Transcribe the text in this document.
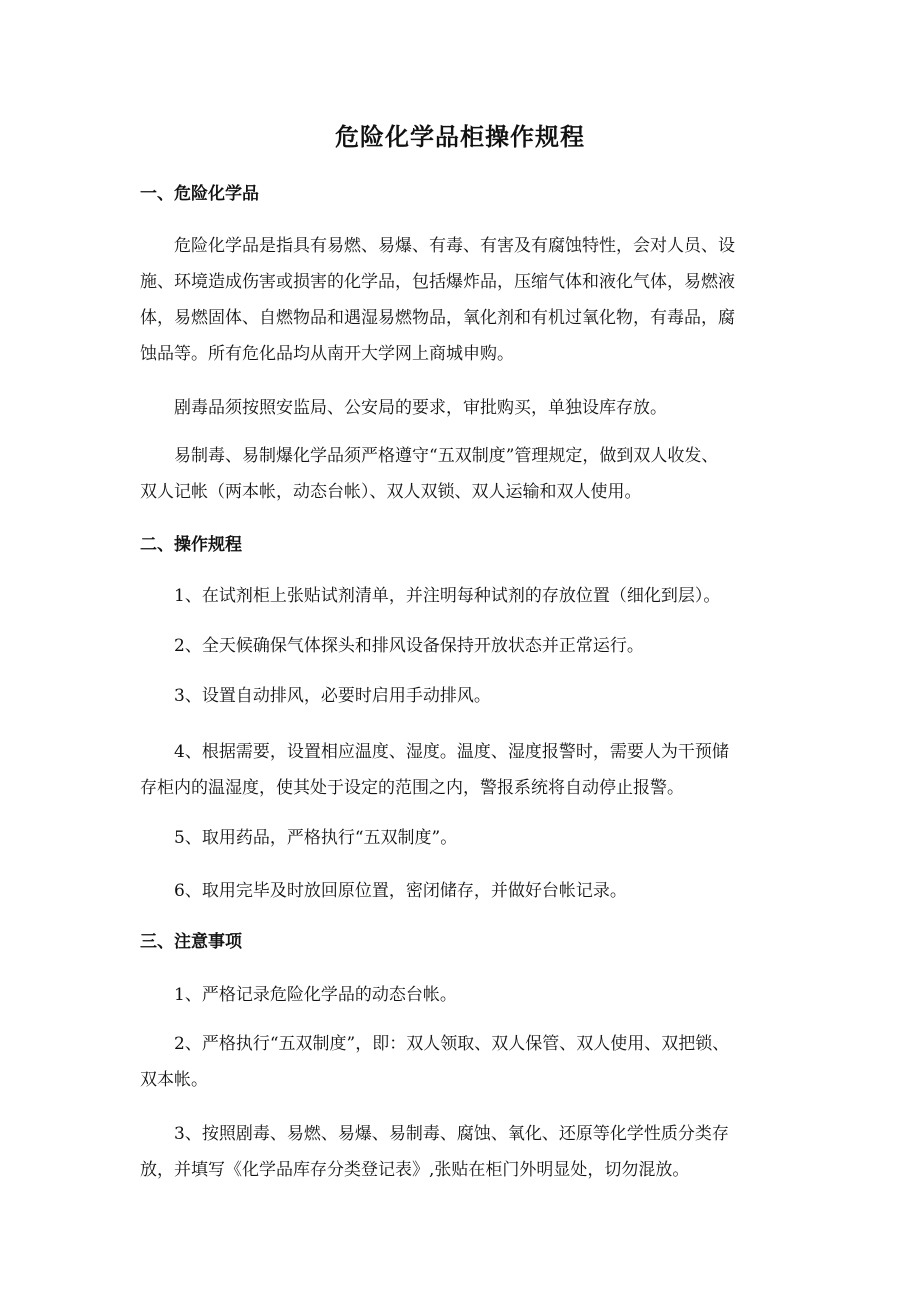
危险化学品柜操作规程
一、危险化学品
危险化学品是指具有易燃、易爆、有毒、有害及有腐蚀特性，会对人员、设
施、环境造成伤害或损害的化学品，包括爆炸品，压缩气体和液化气体，易燃液
体，易燃固体、自燃物品和遇湿易燃物品，氧化剂和有机过氧化物，有毒品，腐
蚀品等。所有危化品均从南开大学网上商城申购。
剧毒品须按照安监局、公安局的要求，审批购买，单独设库存放。
易制毒、易制爆化学品须严格遵守“五双制度”管理规定，做到双人收发、
双人记帐（两本帐，动态台帐）、双人双锁、双人运输和双人使用。
二、操作规程
1、在试剂柜上张贴试剂清单，并注明每种试剂的存放位置（细化到层）。
2、全天候确保气体探头和排风设备保持开放状态并正常运行。
3、设置自动排风，必要时启用手动排风。
4、根据需要，设置相应温度、湿度。温度、湿度报警时，需要人为干预储
存柜内的温湿度，使其处于设定的范围之内，警报系统将自动停止报警。
5、取用药品，严格执行“五双制度”。
6、取用完毕及时放回原位置，密闭储存，并做好台帐记录。
三、注意事项
1、严格记录危险化学品的动态台帐。
2、严格执行“五双制度”，即：双人领取、双人保管、双人使用、双把锁、
双本帐。
3、按照剧毒、易燃、易爆、易制毒、腐蚀、氧化、还原等化学性质分类存
放，并填写《化学品库存分类登记表》,张贴在柜门外明显处，切勿混放。
